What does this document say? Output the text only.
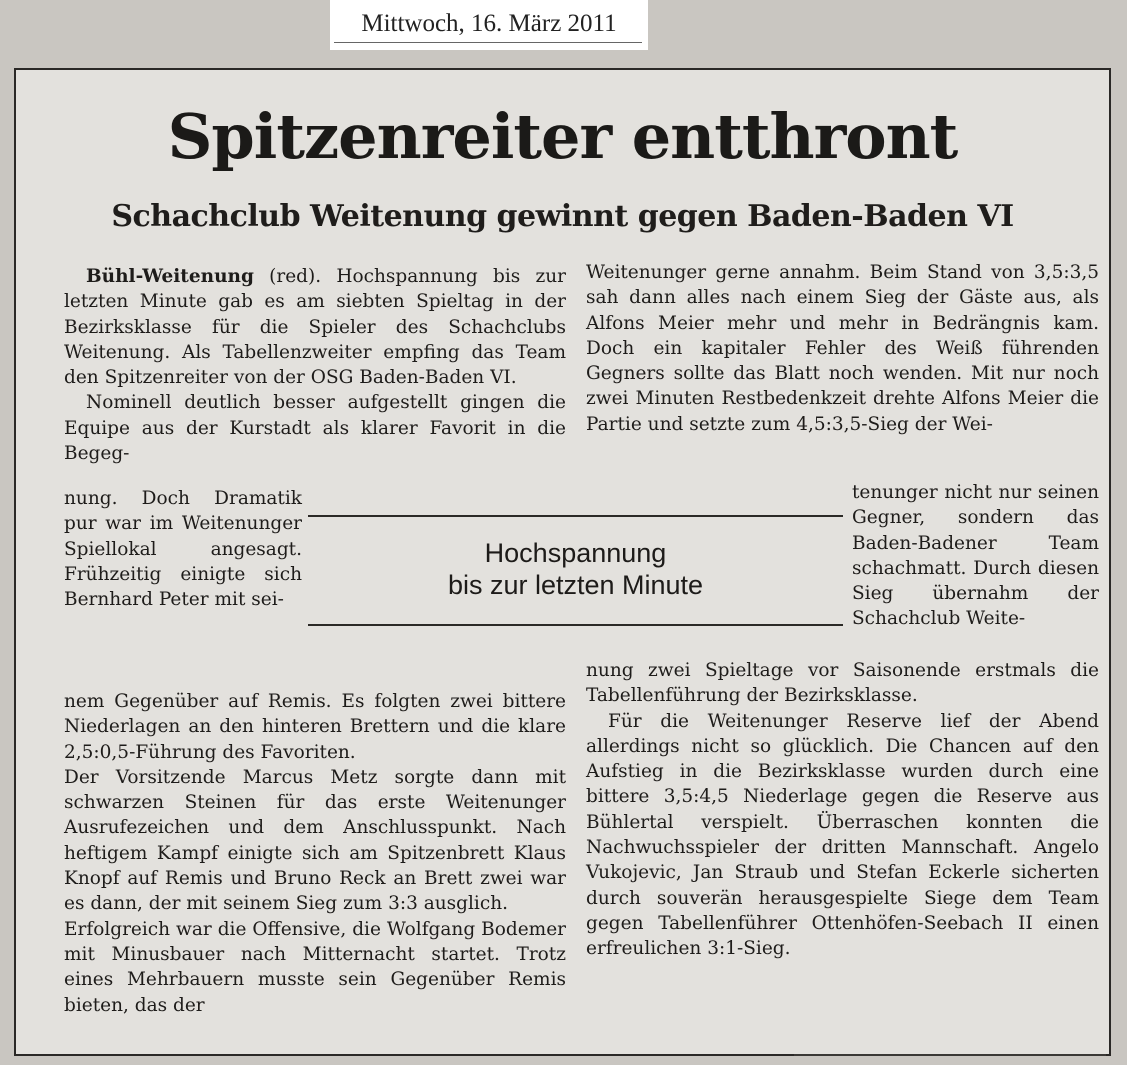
Mittwoch, 16. März 2011
Spitzenreiter entthront
Schachclub Weitenung gewinnt gegen Baden-Baden VI

Bühl-Weitenung (red). Hochspannung bis zur letzten Minute gab es am siebten Spieltag in der Bezirksklasse für die Spieler des Schachclubs Weitenung. Als Tabellenzweiter empfing das Team den Spitzenreiter von der OSG Baden-Baden VI.

Nominell deutlich besser aufgestellt gingen die Equipe aus der Kurstadt als klarer Favorit in die Begeg-

nung. Doch Dramatik pur war im Weitenunger Spiellokal angesagt. Frühzeitig einigte sich Bernhard Peter mit sei-

nem Gegenüber auf Remis. Es folgten zwei bittere Niederlagen an den hinteren Brettern und die klare 2,5:0,5-Führung des Favoriten.

Der Vorsitzende Marcus Metz sorgte dann mit schwarzen Steinen für das erste Weitenunger Ausrufezeichen und dem Anschlusspunkt. Nach heftigem Kampf einigte sich am Spitzenbrett Klaus Knopf auf Remis und Bruno Reck an Brett zwei war es dann, der mit seinem Sieg zum 3:3 ausglich.

Erfolgreich war die Offensive, die Wolfgang Bodemer mit Minusbauer nach Mitternacht startet. Trotz eines Mehrbauern musste sein Gegenüber Remis bieten, das der

Hochspannung
bis zur letzten Minute

Weitenunger gerne annahm. Beim Stand von 3,5:3,5 sah dann alles nach einem Sieg der Gäste aus, als Alfons Meier mehr und mehr in Bedrängnis kam. Doch ein kapitaler Fehler des Weiß führenden Gegners sollte das Blatt noch wenden. Mit nur noch zwei Minuten Restbedenkzeit drehte Alfons Meier die Partie und setzte zum 4,5:3,5-Sieg der Wei-

tenunger nicht nur seinen Gegner, sondern das Baden-Badener Team schachmatt. Durch diesen Sieg übernahm der Schachclub Weite-

nung zwei Spieltage vor Saisonende erstmals die Tabellenführung der Bezirksklasse.

Für die Weitenunger Reserve lief der Abend allerdings nicht so glücklich. Die Chancen auf den Aufstieg in die Bezirksklasse wurden durch eine bittere 3,5:4,5 Niederlage gegen die Reserve aus Bühlertal verspielt. Überraschen konnten die Nachwuchsspieler der dritten Mannschaft. Angelo Vukojevic, Jan Straub und Stefan Eckerle sicherten durch souverän herausgespielte Siege dem Team gegen Tabellenführer Ottenhöfen-Seebach II einen erfreulichen 3:1-Sieg.
